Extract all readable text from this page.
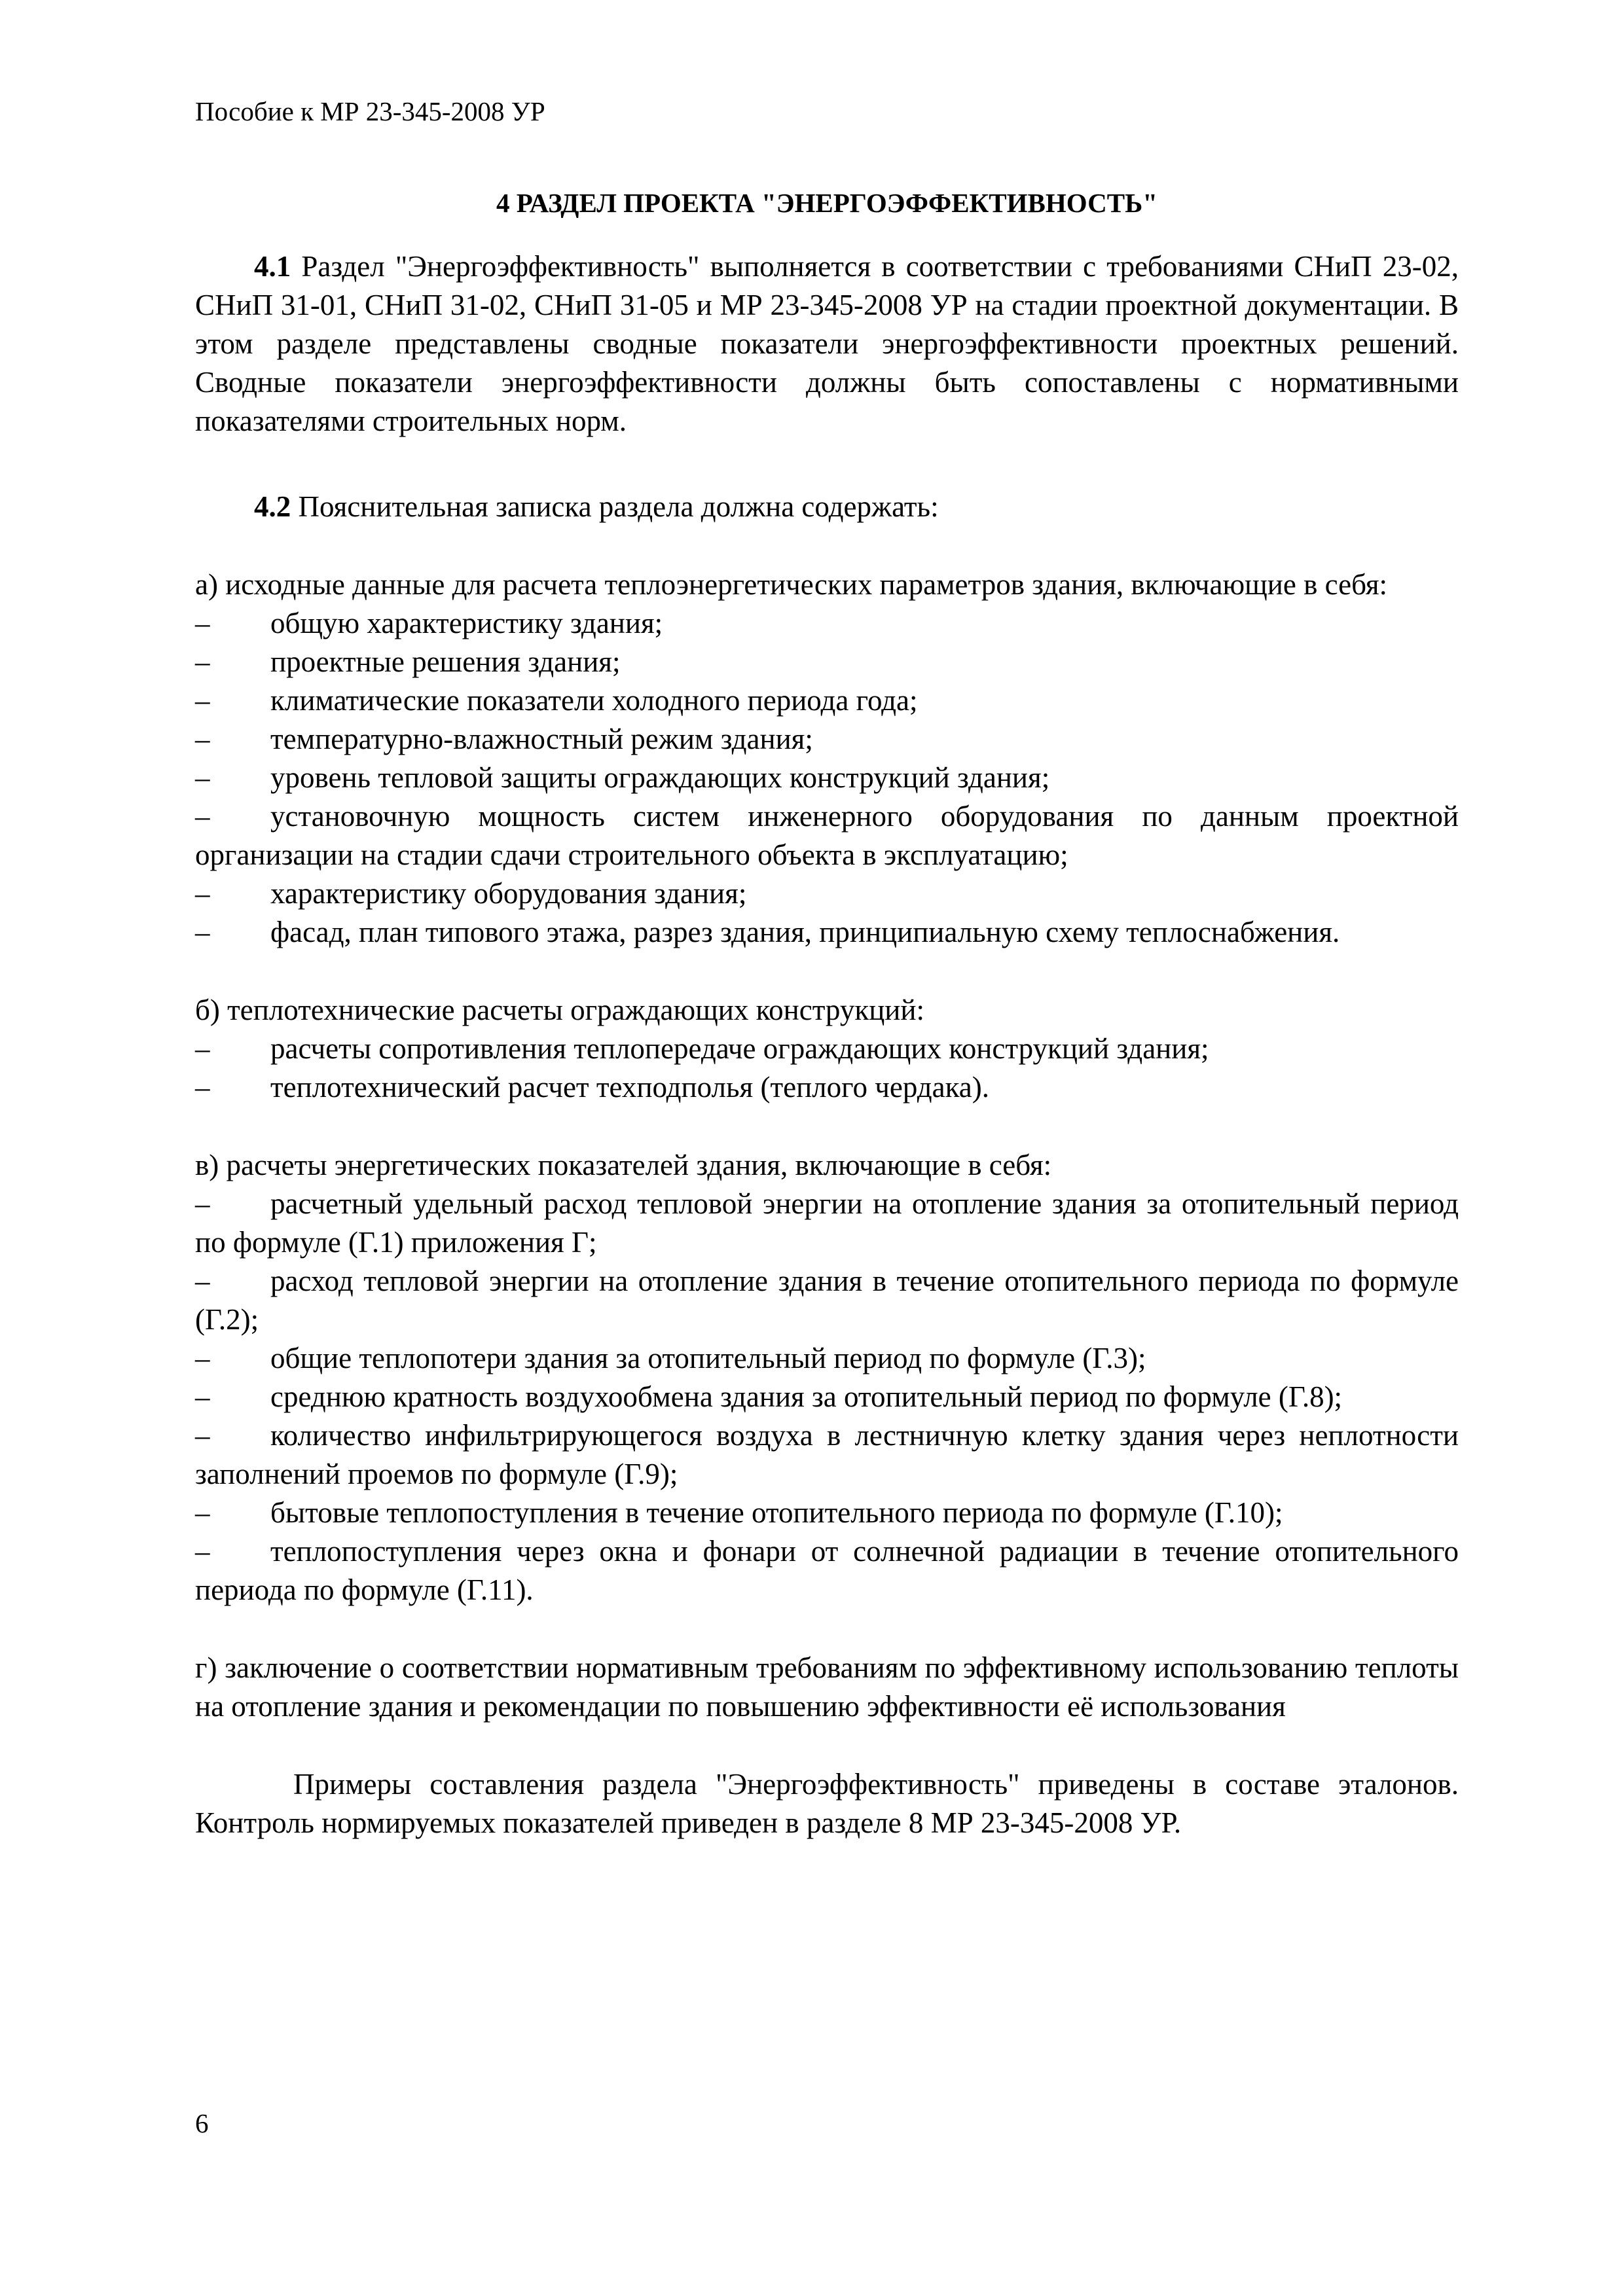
Пособие к МР 23-345-2008 УР
4 РАЗДЕЛ ПРОЕКТА "ЭНЕРГОЭФФЕКТИВНОСТЬ"

4.1 Раздел "Энергоэффективность" выполняется в соответствии с требованиями СНиП 23-02, СНиП 31-01, СНиП 31-02, СНиП 31-05 и МР 23-345-2008 УР на стадии проектной документации. В этом разделе представлены сводные показатели энергоэффективности проектных решений. Сводные показатели энергоэффективности должны быть сопоставлены с нормативными показателями строительных норм.

4.2 Пояснительная записка раздела должна содержать:

а) исходные данные для расчета теплоэнергетических параметров здания, включающие в себя:

– общую характеристику здания;
– проектные решения здания;
– климатические показатели холодного периода года;
– температурно-влажностный режим здания;
– уровень тепловой защиты ограждающих конструкций здания;
– установочную мощность систем инженерного оборудования по данным проектной организации на стадии сдачи строительного объекта в эксплуатацию;
– характеристику оборудования здания;
– фасад, план типового этажа, разрез здания, принципиальную схему теплоснабжения.

б) теплотехнические расчеты ограждающих конструкций:

– расчеты сопротивления теплопередаче ограждающих конструкций здания;
– теплотехнический расчет техподполья (теплого чердака).

в) расчеты энергетических показателей здания, включающие в себя:

– расчетный удельный расход тепловой энергии на отопление здания за отопительный период по формуле (Г.1) приложения Г;
– расход тепловой энергии на отопление здания в течение отопительного периода по формуле (Г.2);
– общие теплопотери здания за отопительный период по формуле (Г.3);
– среднюю кратность воздухообмена здания за отопительный период по формуле (Г.8);
– количество инфильтрирующегося воздуха в лестничную клетку здания через неплотности заполнений проемов по формуле (Г.9);
– бытовые теплопоступления в течение отопительного периода по формуле (Г.10);
– теплопоступления через окна и фонари от солнечной радиации в течение отопительного периода по формуле (Г.11).

г) заключение о соответствии нормативным требованиям по эффективному использованию теплоты на отопление здания и рекомендации по повышению эффективности её использования

Примеры составления раздела "Энергоэффективность" приведены в составе эталонов. Контроль нормируемых показателей приведен в разделе 8 МР 23-345-2008 УР.

6
